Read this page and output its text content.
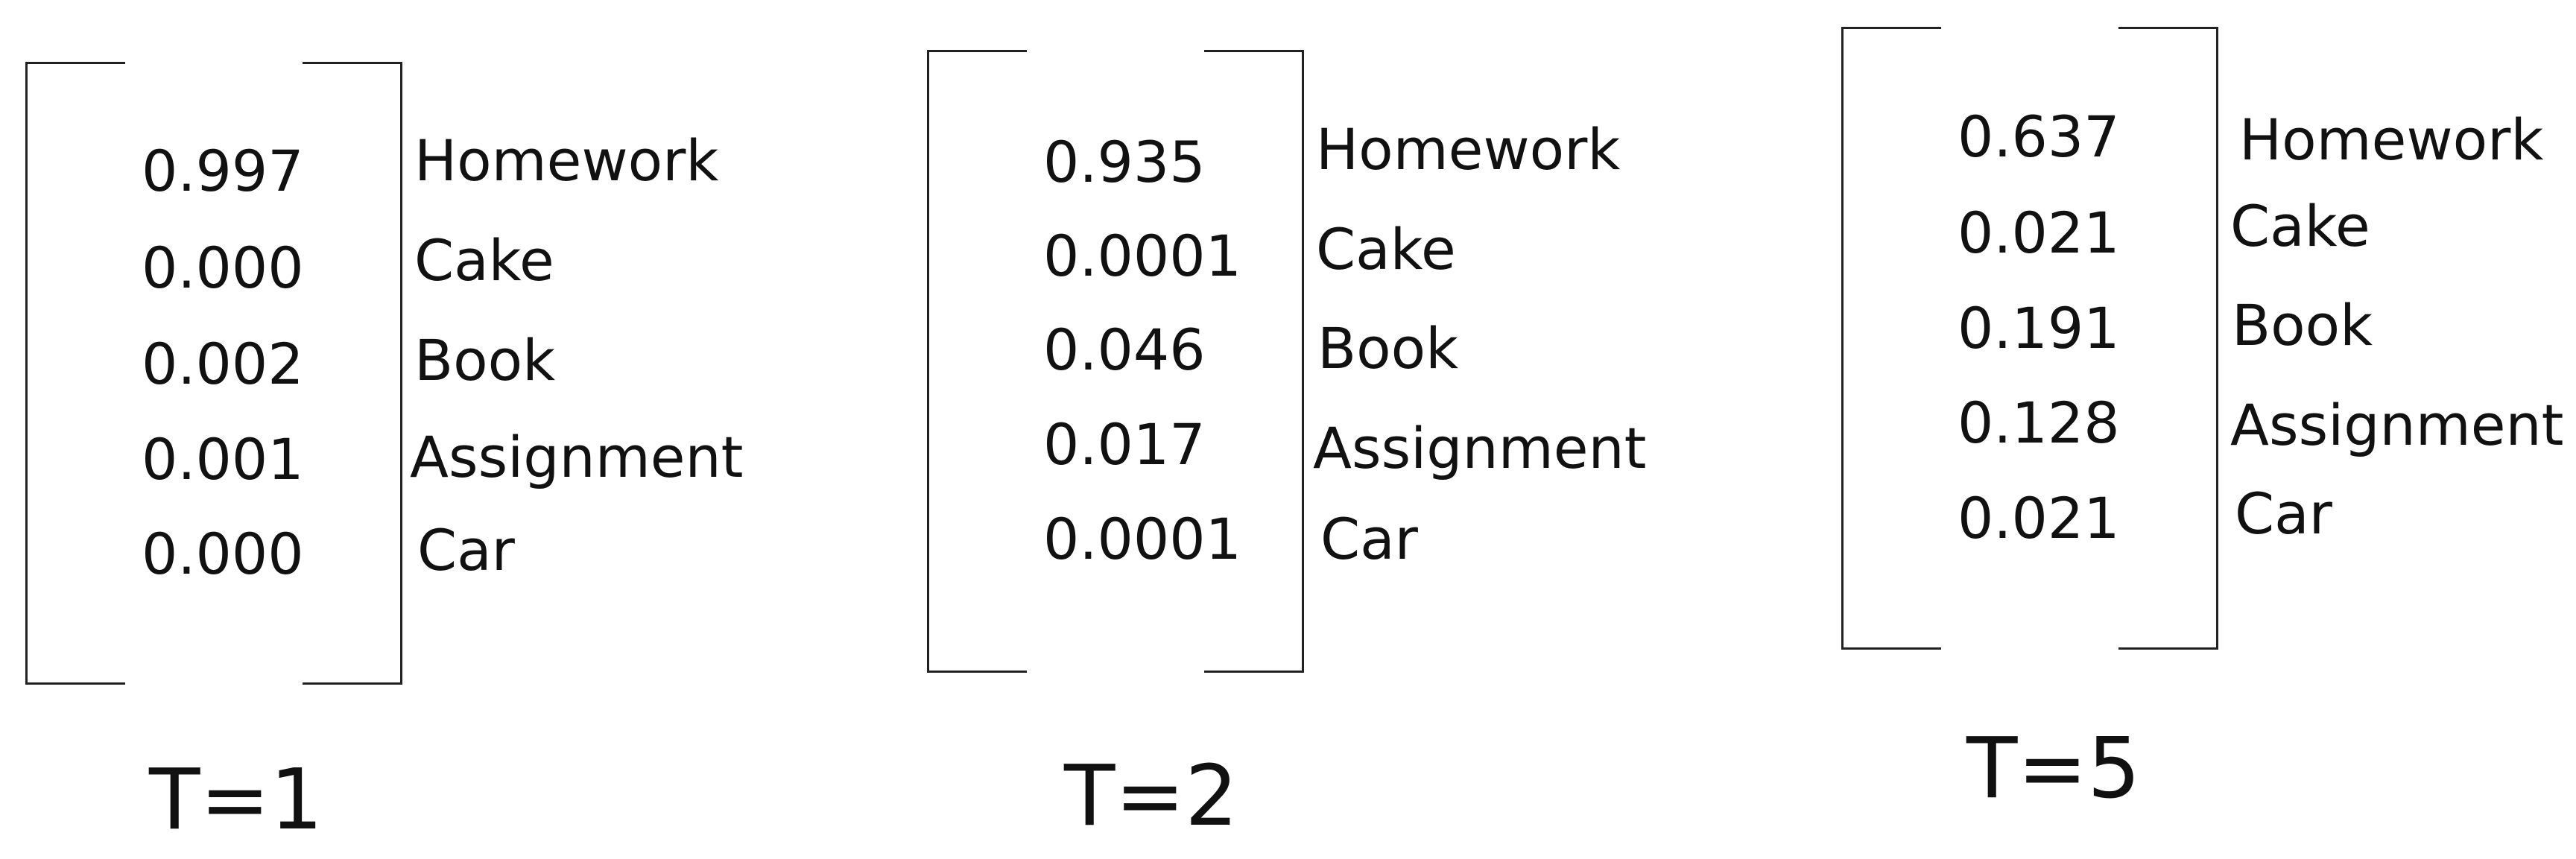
0.997
0.000
0.002
0.001
0.000
Homework
Cake
Book
Assignment
Car
T=1
0.935
0.0001
0.046
0.017
0.0001
Homework
Cake
Book
Assignment
Car
T=2
0.637
0.021
0.191
0.128
0.021
Homework
Cake
Book
Assignment
Car
T=5
